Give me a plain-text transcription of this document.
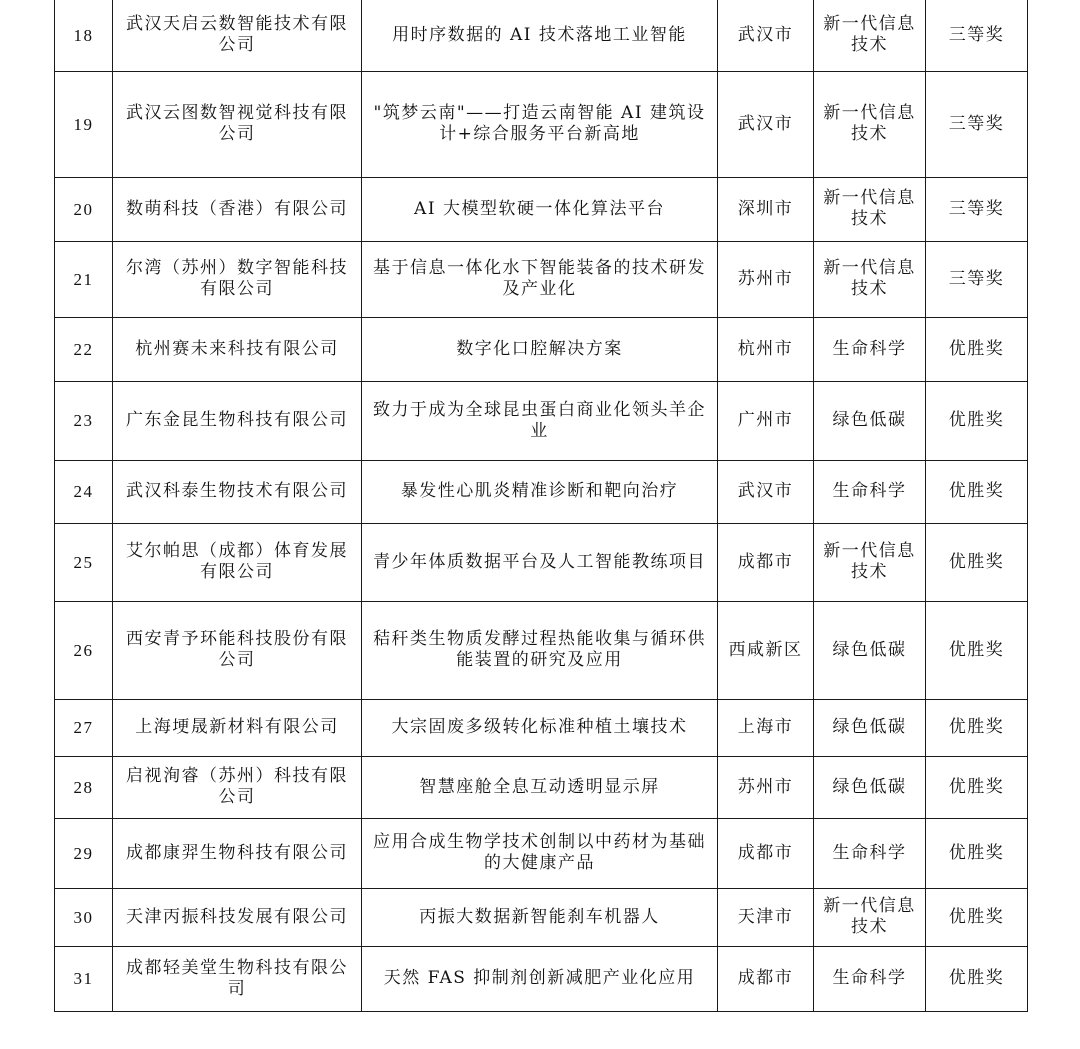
18	武汉天启云数智能技术有限公司	用时序数据的 AI 技术落地工业智能	武汉市	新一代信息技术	三等奖
19	武汉云图数智视觉科技有限公司	"筑梦云南"——打造云南智能 AI 建筑设计+综合服务平台新高地	武汉市	新一代信息技术	三等奖
20	数萌科技（香港）有限公司	AI 大模型软硬一体化算法平台	深圳市	新一代信息技术	三等奖
21	尔湾（苏州）数字智能科技有限公司	基于信息一体化水下智能装备的技术研发及产业化	苏州市	新一代信息技术	三等奖
22	杭州赛未来科技有限公司	数字化口腔解决方案	杭州市	生命科学	优胜奖
23	广东金昆生物科技有限公司	致力于成为全球昆虫蛋白商业化领头羊企业	广州市	绿色低碳	优胜奖
24	武汉科泰生物技术有限公司	暴发性心肌炎精准诊断和靶向治疗	武汉市	生命科学	优胜奖
25	艾尔帕思（成都）体育发展有限公司	青少年体质数据平台及人工智能教练项目	成都市	新一代信息技术	优胜奖
26	西安青予环能科技股份有限公司	秸秆类生物质发酵过程热能收集与循环供能装置的研究及应用	西咸新区	绿色低碳	优胜奖
27	上海埂晟新材料有限公司	大宗固废多级转化标准种植土壤技术	上海市	绿色低碳	优胜奖
28	启视洵睿（苏州）科技有限公司	智慧座舱全息互动透明显示屏	苏州市	绿色低碳	优胜奖
29	成都康羿生物科技有限公司	应用合成生物学技术创制以中药材为基础的大健康产品	成都市	生命科学	优胜奖
30	天津丙振科技发展有限公司	丙振大数据新智能刹车机器人	天津市	新一代信息技术	优胜奖
31	成都轻美堂生物科技有限公司	天然 FAS 抑制剂创新减肥产业化应用	成都市	生命科学	优胜奖
